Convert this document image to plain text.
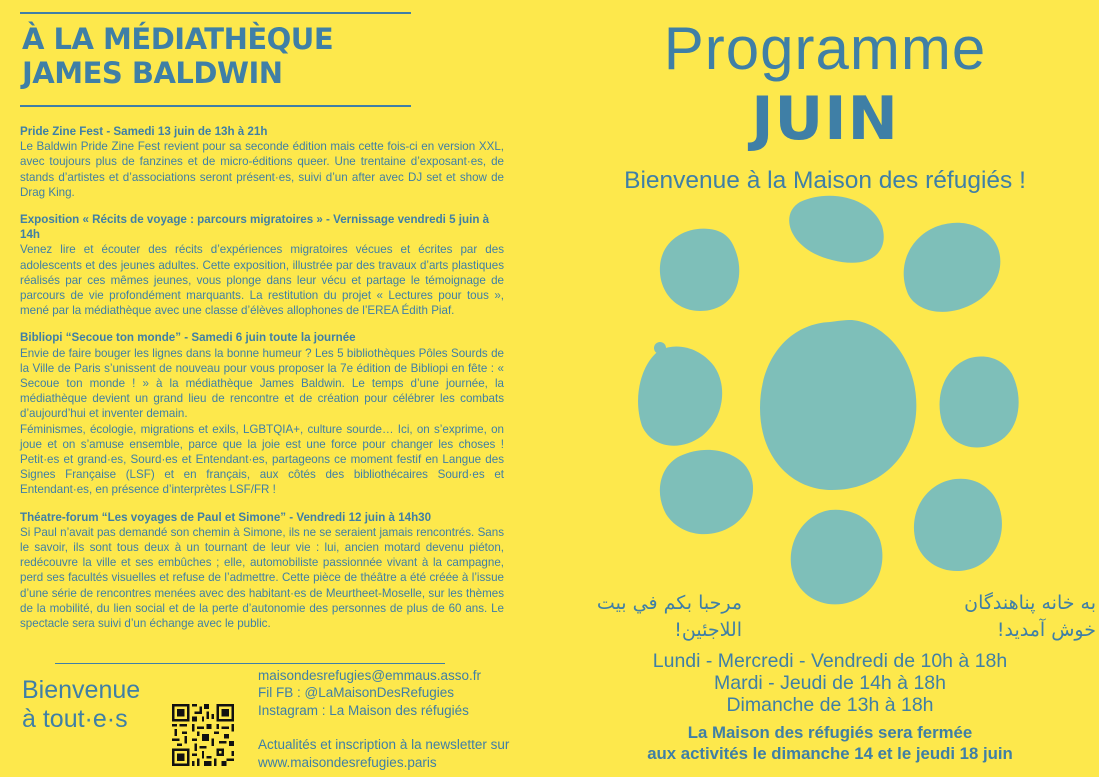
À LA MÉDIATHÈQUE
JAMES BALDWIN
Pride Zine Fest - Samedi 13 juin de 13h à 21h

Le Baldwin Pride Zine Fest revient pour sa seconde édition mais cette fois-ci en version XXL, avec toujours plus de fanzines et de micro-éditions queer. Une trentaine d’exposant·es, de stands d’artistes et d’associations seront présent·es, suivi d’un after avec DJ set et show de Drag King.

Exposition « Récits de voyage : parcours migratoires » - Vernissage vendredi 5 juin à 14h

Venez lire et écouter des récits d’expériences migratoires vécues et écrites par des adolescents et des jeunes adultes. Cette exposition, illustrée par des travaux d’arts plastiques réalisés par ces mêmes jeunes, vous plonge dans leur vécu et partage le témoignage de parcours de vie profondément marquants. La restitution du projet « Lectures pour tous », mené par la médiathèque avec une classe d’élèves allophones de l’EREA Édith Piaf.

Bibliopi “Secoue ton monde” - Samedi 6 juin toute la journée

Envie de faire bouger les lignes dans la bonne humeur ? Les 5 bibliothèques Pôles Sourds de la Ville de Paris s’unissent de nouveau pour vous proposer la 7e édition de Bibliopi en fête : « Secoue ton monde ! » à la médiathèque James Baldwin. Le temps d’une journée, la médiathèque devient un grand lieu de rencontre et de création pour célébrer les combats d’aujourd’hui et inventer demain.

Féminismes, écologie, migrations et exils, LGBTQIA+, culture sourde… Ici, on s’exprime, on joue et on s’amuse ensemble, parce que la joie est une force pour changer les choses ! Petit·es et grand·es, Sourd·es et Entendant·es, partageons ce moment festif en Langue des Signes Française (LSF) et en français, aux côtés des bibliothécaires Sourd·es et Entendant·es, en présence d’interprètes LSF/FR !

Théatre-forum “Les voyages de Paul et Simone” - Vendredi 12 juin à 14h30

Si Paul n’avait pas demandé son chemin à Simone, ils ne se seraient jamais rencontrés. Sans le savoir, ils sont tous deux à un tournant de leur vie : lui, ancien motard devenu piéton, redécouvre la ville et ses embûches ; elle, automobiliste passionnée vivant à la campagne, perd ses facultés visuelles et refuse de l’admettre. Cette pièce de théâtre a été créée à l’issue d’une série de rencontres menées avec des habitant·es de Meurtheet-Moselle, sur les thèmes de la mobilité, du lien social et de la perte d’autonomie des personnes de plus de 60 ans. Le spectacle sera suivi d’un échange avec le public.

Bienvenue
à tout·e·s
maisondesrefugies@emmaus.asso.fr
Fil FB : @LaMaisonDesRefugies
Instagram : La Maison des réfugiés
Actualités et inscription à la newsletter sur
www.maisondesrefugies.paris
Programme
JUIN
Bienvenue à la Maison des réfugiés !
مرحبا بكم في بيت
اللاجئين!
به خانه پناهندگان
خوش آمدید!
Lundi - Mercredi - Vendredi de 10h à 18h
Mardi - Jeudi de 14h à 18h
Dimanche de 13h à 18h
La Maison des réfugiés sera fermée
aux activités le dimanche 14 et le jeudi 18 juin
